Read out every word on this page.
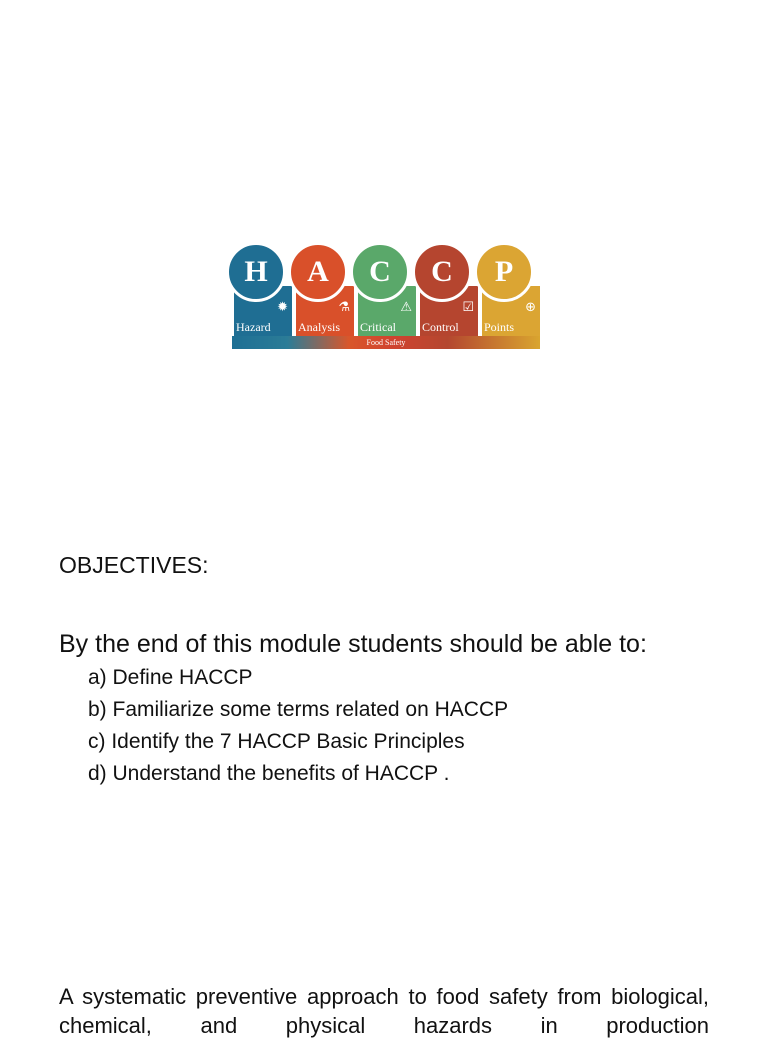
✹
Hazard
⚗
Analysis
⚠
Critical
☑
Control
⊕
Points
H	A	C	C	P
Food Safety
OBJECTIVES:

By the end of this module students should be able to:

a) Define HACCP
b) Familiarize some terms related on HACCP
c) Identify the 7 HACCP Basic Principles
d) Understand the benefits of HACCP .

A systematic preventive approach to food safety from biological, chemical, and physical hazards in production
